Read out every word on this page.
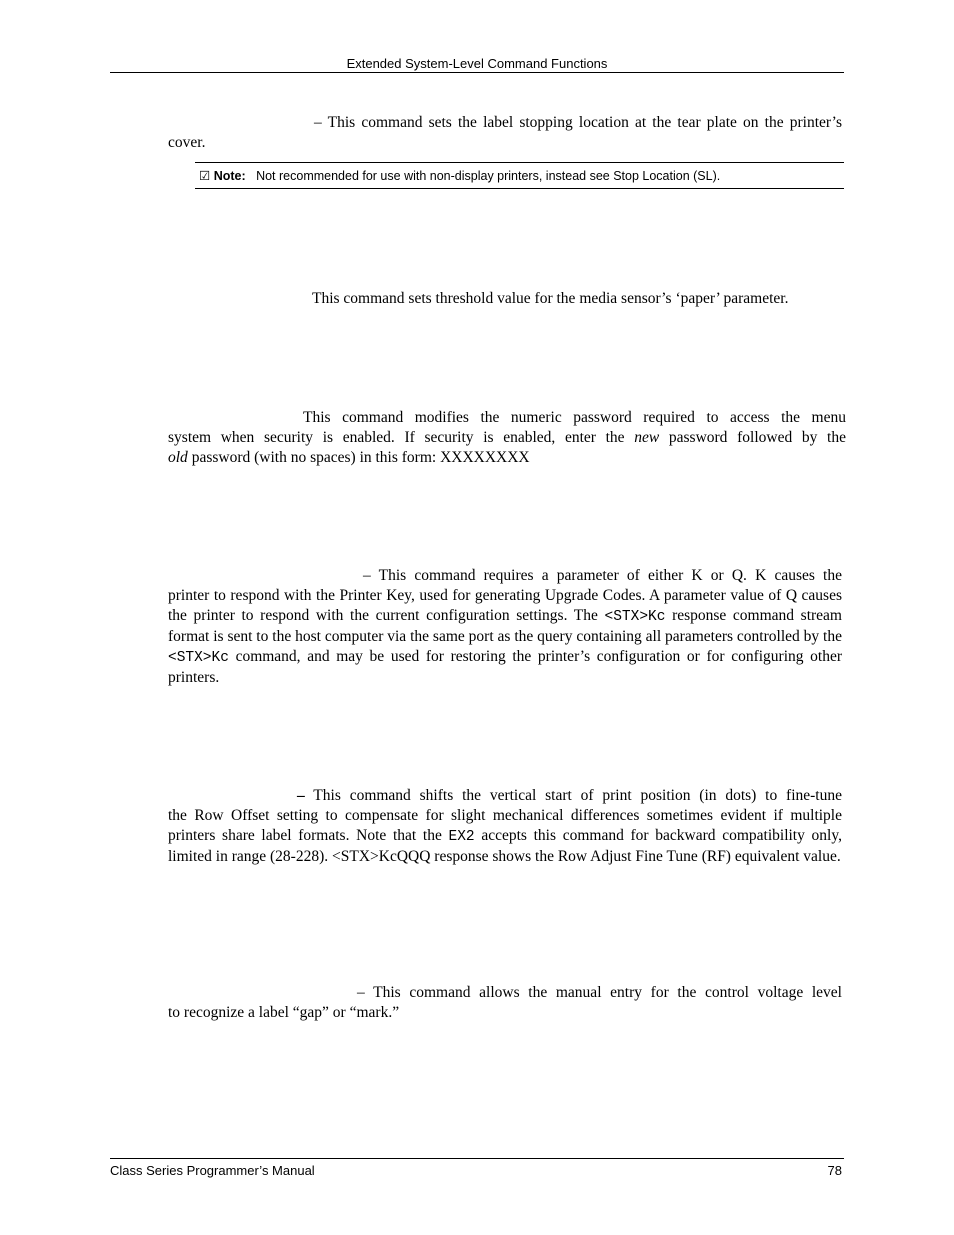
Extended System-Level Command Functions
– This command sets the label stopping location at the tear plate on the printer’s cover.
☑ Note: Not recommended for use with non-display printers, instead see Stop Location (SL).
This command sets threshold value for the media sensor’s ‘paper’ parameter.
This command modifies the numeric password required to access the menu
system when security is enabled. If security is enabled, enter the new password followed by the
old password (with no spaces) in this form: XXXXXXXX
– This command requires a parameter of either K or Q. K causes the
printer to respond with the Printer Key, used for generating Upgrade Codes. A parameter value of Q causes the printer to respond with the current configuration settings. The <STX>Kc response command stream format is sent to the host computer via the same port as the query containing all parameters controlled by the <STX>Kc command, and may be used for restoring the printer’s configuration or for configuring other printers.
– This command shifts the vertical start of print position (in dots) to fine-tune
the Row Offset setting to compensate for slight mechanical differences sometimes evident if multiple printers share label formats. Note that the EX2 accepts this command for backward compatibility only, limited in range (28-228). <STX>KcQQQ response shows the Row Adjust Fine Tune (RF) equivalent value.
– This command allows the manual entry for the control voltage level
to recognize a label “gap” or “mark.”
Class Series Programmer’s Manual	78
